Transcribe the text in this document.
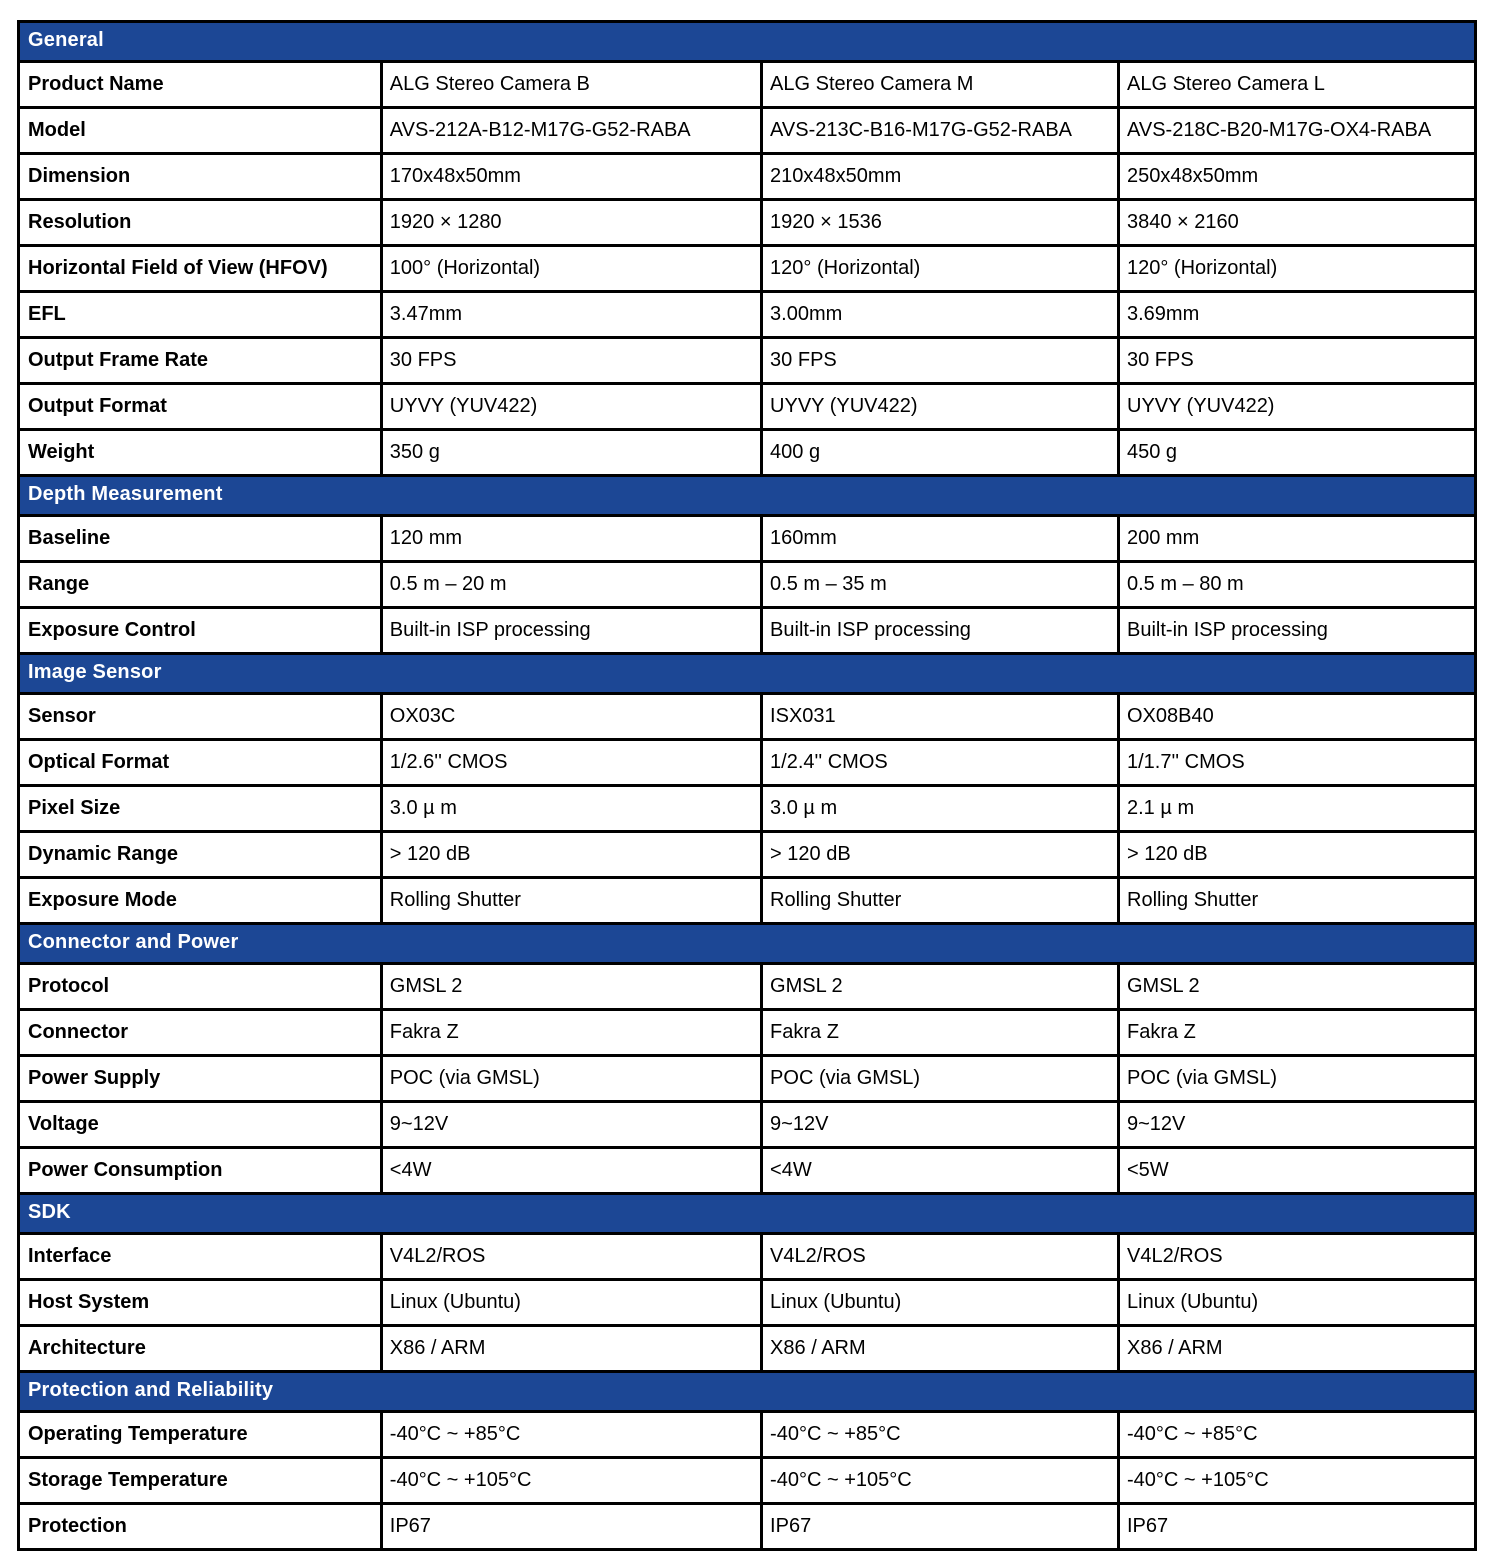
General			
Product Name	ALG Stereo Camera B	ALG Stereo Camera M	ALG Stereo Camera L
Model	AVS-212A-B12-M17G-G52-RABA	AVS-213C-B16-M17G-G52-RABA	AVS-218C-B20-M17G-OX4-RABA
Dimension	170x48x50mm	210x48x50mm	250x48x50mm
Resolution	1920 × 1280	1920 × 1536	3840 × 2160
Horizontal Field of View (HFOV)	100° (Horizontal)	120° (Horizontal)	120° (Horizontal)
EFL	3.47mm	3.00mm	3.69mm
Output Frame Rate	30 FPS	30 FPS	30 FPS
Output Format	UYVY (YUV422)	UYVY (YUV422)	UYVY (YUV422)
Weight	350 g	400 g	450 g
Depth Measurement			
Baseline	120 mm	160mm	200 mm
Range	0.5 m – 20 m	0.5 m – 35 m	0.5 m – 80 m
Exposure Control	Built-in ISP processing	Built-in ISP processing	Built-in ISP processing
Image Sensor			
Sensor	OX03C	ISX031	OX08B40
Optical Format	1/2.6'' CMOS	1/2.4'' CMOS	1/1.7'' CMOS
Pixel Size	3.0 µ m	3.0 µ m	2.1 µ m
Dynamic Range	> 120 dB	> 120 dB	> 120 dB
Exposure Mode	Rolling Shutter	Rolling Shutter	Rolling Shutter
Connector and Power			
Protocol	GMSL 2	GMSL 2	GMSL 2
Connector	Fakra Z	Fakra Z	Fakra Z
Power Supply	POC (via GMSL)	POC (via GMSL)	POC (via GMSL)
Voltage	9~12V	9~12V	9~12V
Power Consumption	<4W	<4W	<5W
SDK			
Interface	V4L2/ROS	V4L2/ROS	V4L2/ROS
Host System	Linux (Ubuntu)	Linux (Ubuntu)	Linux (Ubuntu)
Architecture	X86 / ARM	X86 / ARM	X86 / ARM
Protection and Reliability			
Operating Temperature	-40°C ~ +85°C	-40°C ~ +85°C	-40°C ~ +85°C
Storage Temperature	-40°C ~ +105°C	-40°C ~ +105°C	-40°C ~ +105°C
Protection	IP67	IP67	IP67
